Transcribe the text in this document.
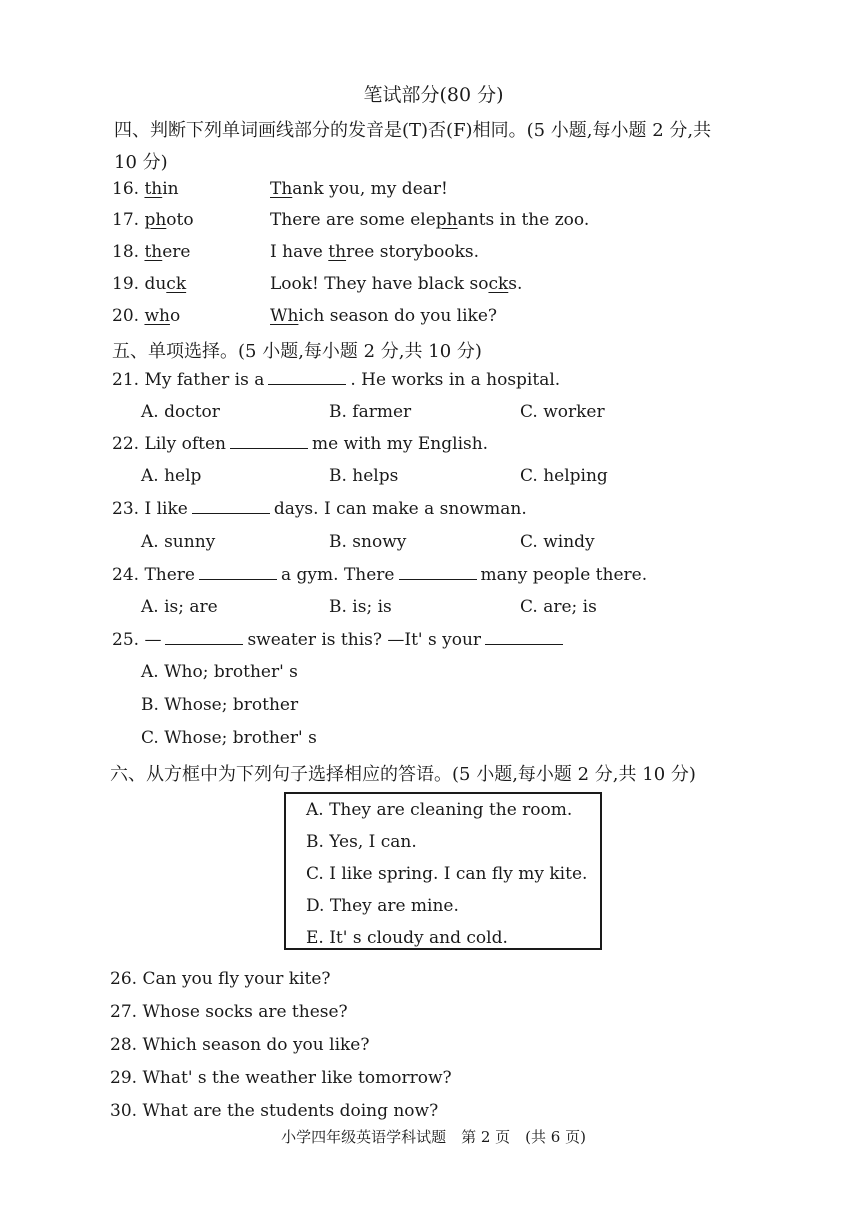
笔试部分(80 分)
四、判断下列单词画线部分的发音是(T)否(F)相同。(5 小题,每小题 2 分,共
10 分)
16. thin	Thank you, my dear!
17. photo	There are some elephants in the zoo.
18. there	I have three storybooks.
19. duck	Look! They have black socks.
20. who	Which season do you like?
五、单项选择。(5 小题,每小题 2 分,共 10 分)
21. My father is a	. He works in a hospital.
A. doctor	B. farmer	C. worker
22. Lily often	me with my English.
A. help	B. helps	C. helping
23. I like	days. I can make a snowman.
A. sunny	B. snowy	C. windy
24. There	a gym. There	many people there.
A. is; are	B. is; is	C. are; is
25. —	sweater is this? —It' s your
A. Who; brother' s
B. Whose; brother
C. Whose; brother' s
六、从方框中为下列句子选择相应的答语。(5 小题,每小题 2 分,共 10 分)
A. They are cleaning the room.
B. Yes, I can.
C. I like spring. I can fly my kite.
D. They are mine.
E. It' s cloudy and cold.
26. Can you fly your kite?
27. Whose socks are these?
28. Which season do you like?
29. What' s the weather like tomorrow?
30. What are the students doing now?
小学四年级英语学科试题　第 2 页　(共 6 页)
